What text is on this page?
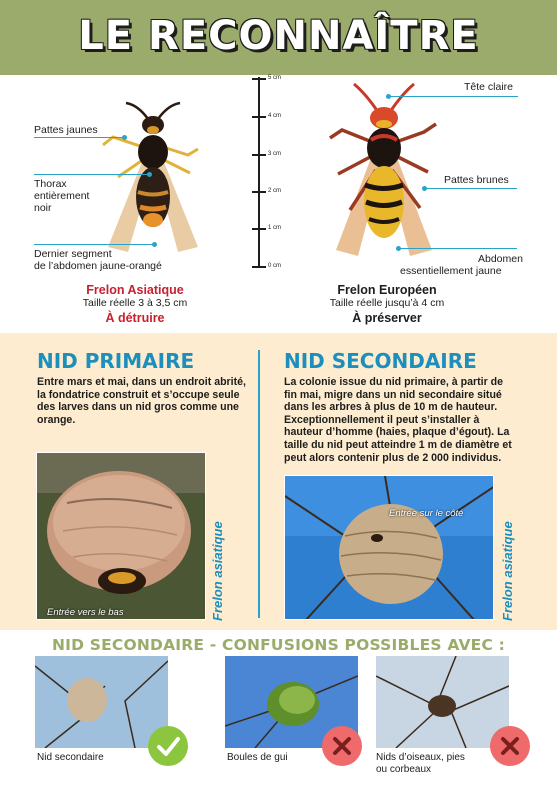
LE RECONNAÎTRE
Pattes jaunes
Thorax
entièrement
noir
Dernier segment
de l’abdomen jaune-orangé
Frelon Asiatique
Taille réelle 3 à 3,5 cm
À détruire
5 cm
4 cm
3 cm
2 cm
1 cm
0 cm
Tête claire
Pattes brunes
Abdomen
essentiellement jaune
Frelon Européen
Taille réelle jusqu’à 4 cm
À préserver
NID PRIMAIRE
Entre mars et mai, dans un endroit abrité, la fondatrice construit et s’occupe seule des larves dans un nid gros comme une orange.
Entrée vers le bas	Frelon asiatique
NID SECONDAIRE
La colonie issue du nid primaire, à partir de fin mai, migre dans un nid secondaire situé dans les arbres à plus de 10 m de hauteur. Exceptionnellement il peut s’installer à hauteur d’homme (haies, plaque d’égout). La taille du nid peut atteindre 1 m de diamètre et peut alors contenir plus de 2 000 individus.
Entrée sur le côté
Frelon asiatique
NID SECONDAIRE - CONFUSIONS POSSIBLES AVEC :
Nid secondaire	Boules de gui	Nids d’oiseaux, pies
ou corbeaux
